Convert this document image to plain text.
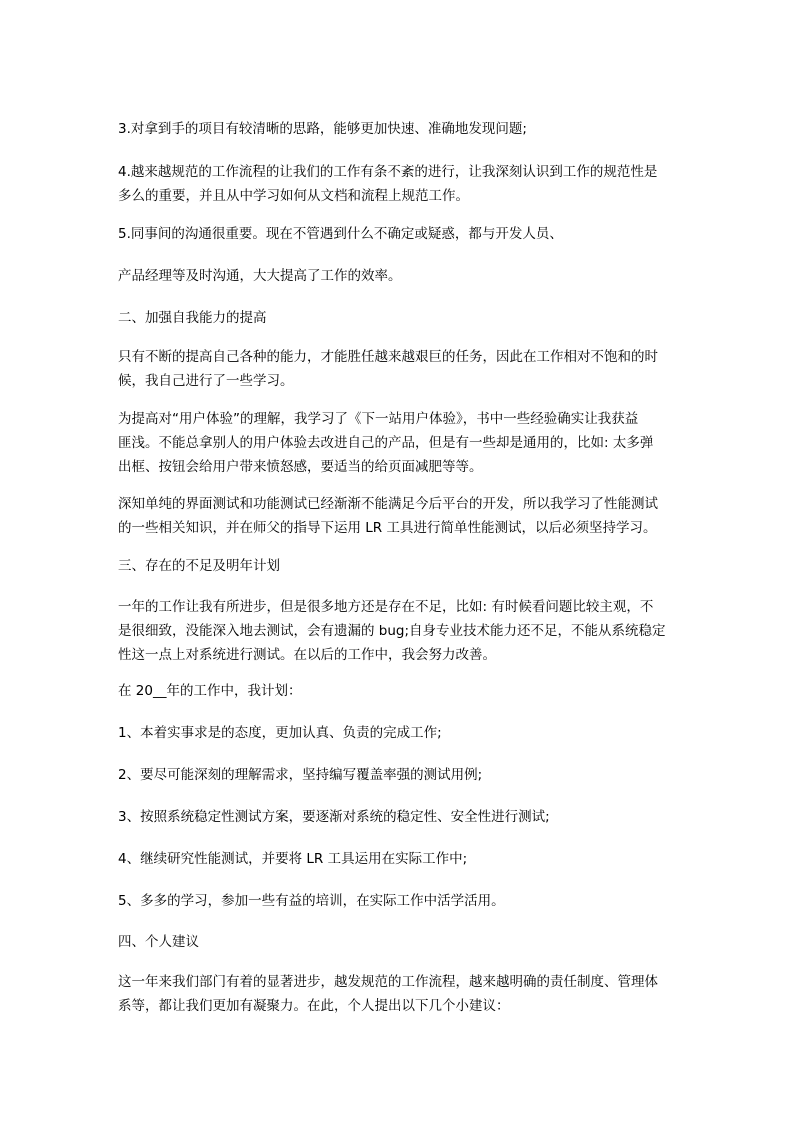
3.对拿到手的项目有较清晰的思路，能够更加快速、准确地发现问题;

4.越来越规范的工作流程的让我们的工作有条不紊的进行，让我深刻认识到工作的规范性是
多么的重要，并且从中学习如何从文档和流程上规范工作。

5.同事间的沟通很重要。现在不管遇到什么不确定或疑惑，都与开发人员、

产品经理等及时沟通，大大提高了工作的效率。

二、加强自我能力的提高

只有不断的提高自己各种的能力，才能胜任越来越艰巨的任务，因此在工作相对不饱和的时
候，我自己进行了一些学习。

为提高对“用户体验”的理解，我学习了《下一站用户体验》，书中一些经验确实让我获益
匪浅。不能总拿别人的用户体验去改进自己的产品，但是有一些却是通用的，比如: 太多弹
出框、按钮会给用户带来愤怒感，要适当的给页面减肥等等。

深知单纯的界面测试和功能测试已经渐渐不能满足今后平台的开发，所以我学习了性能测试
的一些相关知识，并在师父的指导下运用 LR 工具进行简单性能测试，以后必须坚持学习。

三、存在的不足及明年计划

一年的工作让我有所进步，但是很多地方还是存在不足，比如: 有时候看问题比较主观，不
是很细致，没能深入地去测试，会有遗漏的 bug;自身专业技术能力还不足，不能从系统稳定
性这一点上对系统进行测试。在以后的工作中，我会努力改善。

在 20__年的工作中，我计划：

1、本着实事求是的态度，更加认真、负责的完成工作;

2、要尽可能深刻的理解需求，坚持编写覆盖率强的测试用例;

3、按照系统稳定性测试方案，要逐渐对系统的稳定性、安全性进行测试;

4、继续研究性能测试，并要将 LR 工具运用在实际工作中;

5、多多的学习，参加一些有益的培训，在实际工作中活学活用。

四、个人建议

这一年来我们部门有着的显著进步，越发规范的工作流程，越来越明确的责任制度、管理体
系等，都让我们更加有凝聚力。在此，个人提出以下几个小建议：
